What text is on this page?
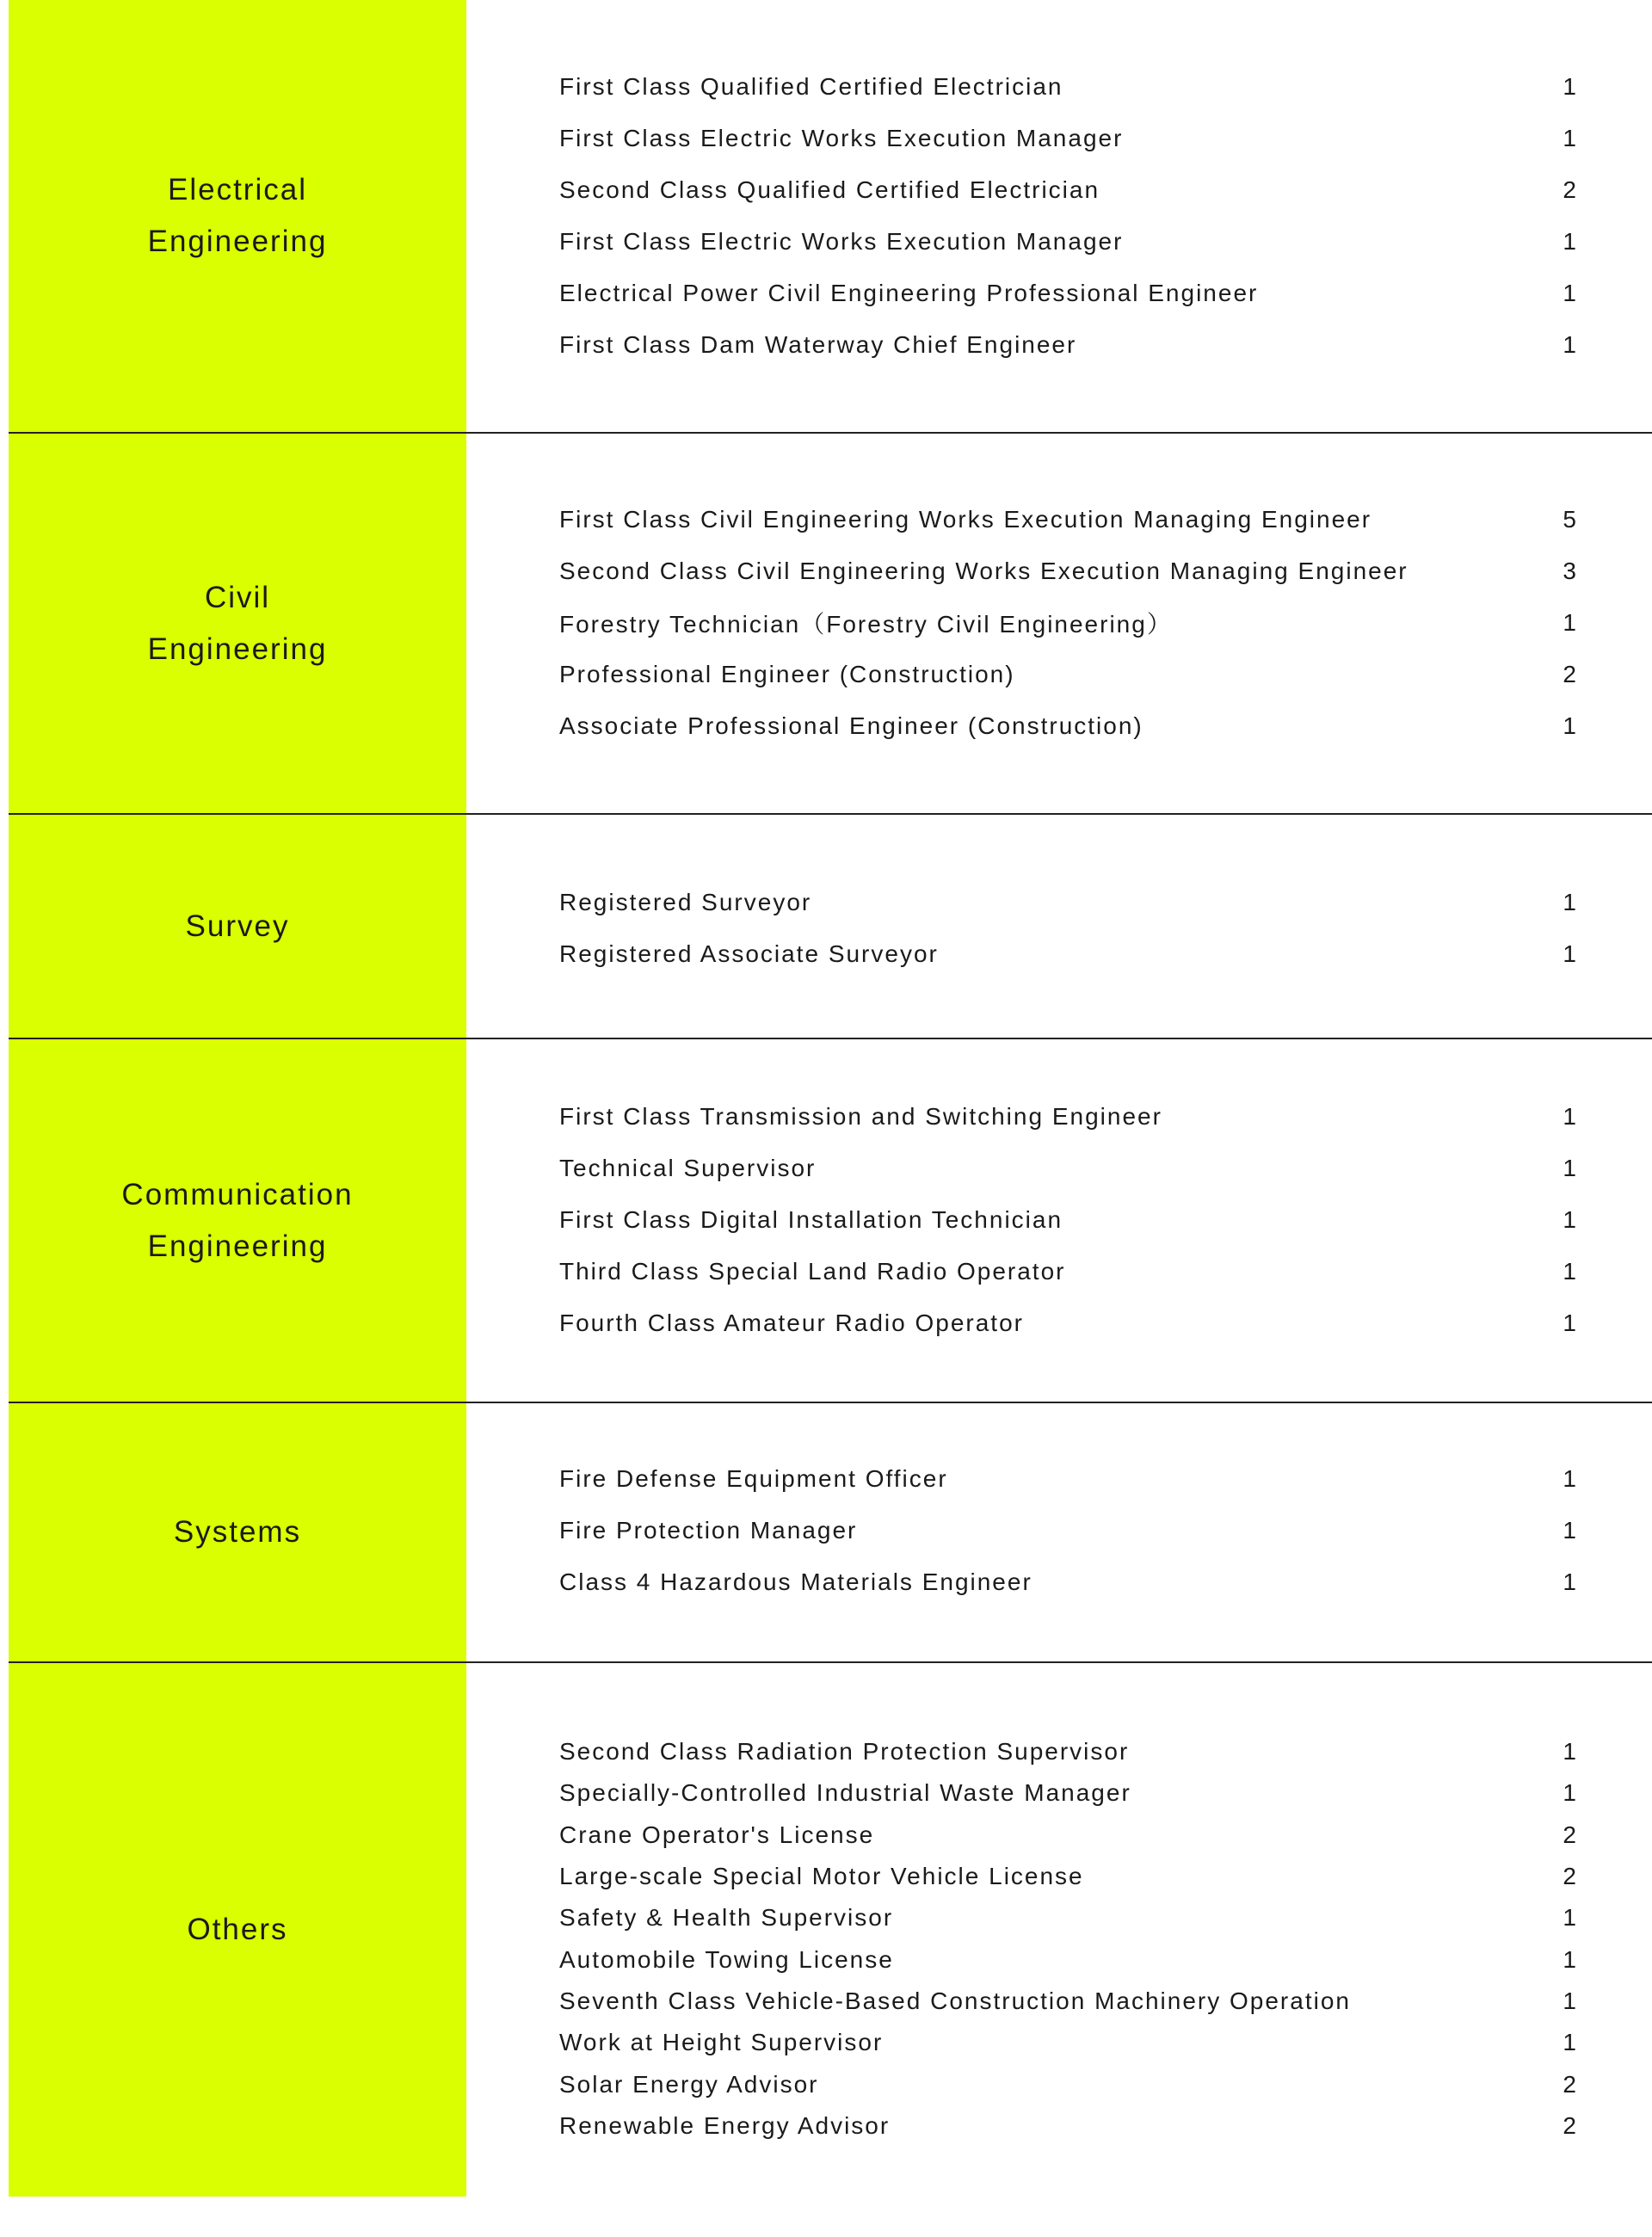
Electrical
Engineering
First Class Qualified Certified Electrician	1
First Class Electric Works Execution Manager	1
Second Class Qualified Certified Electrician	2
First Class Electric Works Execution Manager	1
Electrical Power Civil Engineering Professional Engineer	1
First Class Dam Waterway Chief Engineer	1
Civil
Engineering
First Class Civil Engineering Works Execution Managing Engineer	5
Second Class Civil Engineering Works Execution Managing Engineer	3
Forestry Technician（Forestry Civil Engineering）	1
Professional Engineer (Construction)	2
Associate Professional Engineer (Construction)	1
Survey
Registered Surveyor	1
Registered Associate Surveyor	1
Communication
Engineering
First Class Transmission and Switching Engineer	1
Technical Supervisor	1
First Class Digital Installation Technician	1
Third Class Special Land Radio Operator	1
Fourth Class Amateur Radio Operator	1
Systems
Fire Defense Equipment Officer	1
Fire Protection Manager	1
Class 4 Hazardous Materials Engineer	1
Others
Second Class Radiation Protection Supervisor	1
Specially-Controlled Industrial Waste Manager	1
Crane Operator's License	2
Large-scale Special Motor Vehicle License	2
Safety & Health Supervisor	1
Automobile Towing License	1
Seventh Class Vehicle-Based Construction Machinery Operation	1
Work at Height Supervisor	1
Solar Energy Advisor	2
Renewable Energy Advisor	2
